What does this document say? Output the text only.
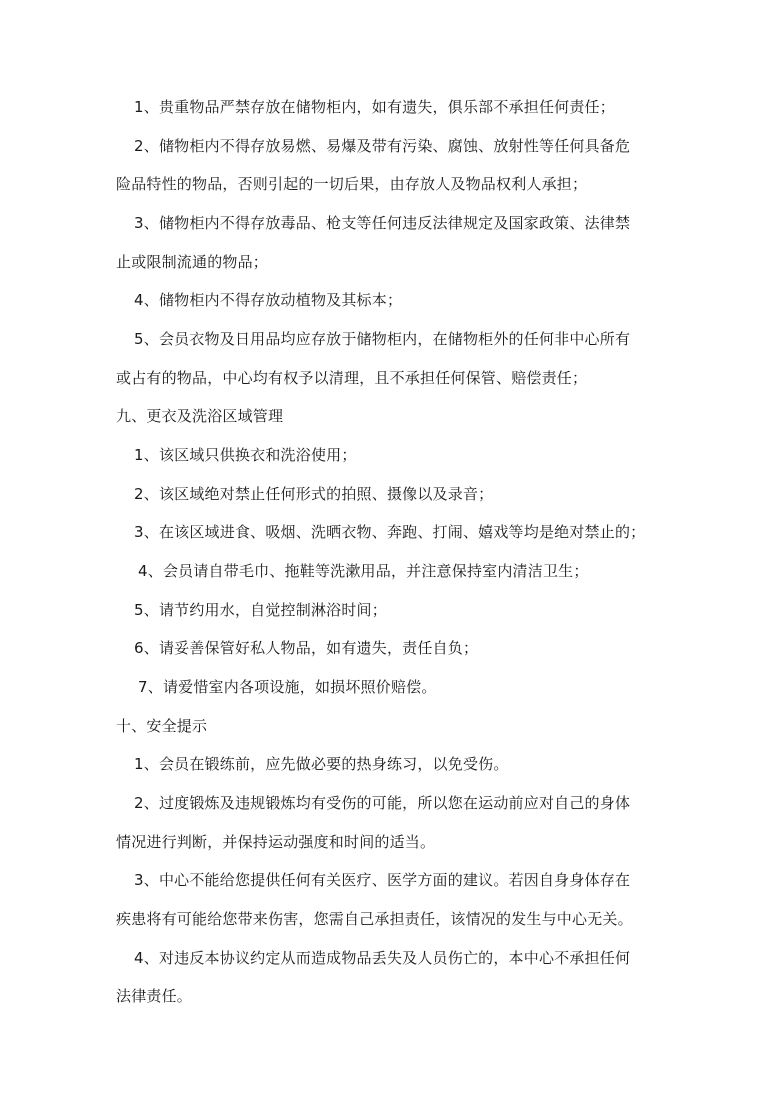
1、贵重物品严禁存放在储物柜内，如有遗失，俱乐部不承担任何责任；
2、储物柜内不得存放易燃、易爆及带有污染、腐蚀、放射性等任何具备危
险品特性的物品，否则引起的一切后果，由存放人及物品权利人承担；
3、储物柜内不得存放毒品、枪支等任何违反法律规定及国家政策、法律禁
止或限制流通的物品；
4、储物柜内不得存放动植物及其标本；
5、会员衣物及日用品均应存放于储物柜内，在储物柜外的任何非中心所有
或占有的物品，中心均有权予以清理，且不承担任何保管、赔偿责任；
九、更衣及洗浴区域管理
1、该区域只供换衣和洗浴使用；
2、该区域绝对禁止任何形式的拍照、摄像以及录音；
3、在该区域进食、吸烟、洗晒衣物、奔跑、打闹、嬉戏等均是绝对禁止的；
4、会员请自带毛巾、拖鞋等洗漱用品，并注意保持室内清洁卫生；
5、请节约用水，自觉控制淋浴时间；
6、请妥善保管好私人物品，如有遗失，责任自负；
7、请爱惜室内各项设施，如损坏照价赔偿。
十、安全提示
1、会员在锻练前，应先做必要的热身练习，以免受伤。
2、过度锻炼及违规锻炼均有受伤的可能，所以您在运动前应对自己的身体
情况进行判断，并保持运动强度和时间的适当。
3、中心不能给您提供任何有关医疗、医学方面的建议。若因自身身体存在
疾患将有可能给您带来伤害，您需自己承担责任，该情况的发生与中心无关。
4、对违反本协议约定从而造成物品丢失及人员伤亡的，本中心不承担任何
法律责任。
